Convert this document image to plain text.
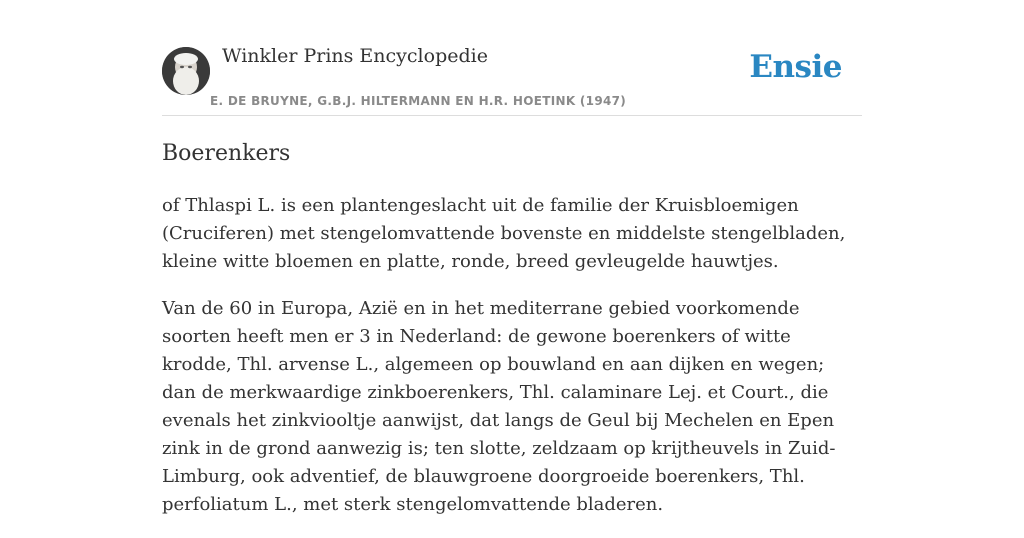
Winkler Prins Encyclopedie
E. DE BRUYNE, G.B.J. HILTERMANN EN H.R. HOETINK (1947)
Ensie
Boerenkers

of Thlaspi L. is een plantengeslacht uit de familie der Kruisbloemigen (Cruciferen) met stengelomvattende bovenste en middelste stengelbladen, kleine witte bloemen en platte, ronde, breed gevleugelde hauwtjes.

Van de 60 in Europa, Azië en in het mediterrane gebied voorkomende soorten heeft men er 3 in Nederland: de gewone boerenkers of witte krodde, Thl. arvense L., algemeen op bouwland en aan dijken en wegen; dan de merkwaardige zinkboerenkers, Thl. calaminare Lej. et Court., die evenals het zinkviooltje aanwijst, dat langs de Geul bij Mechelen en Epen zink in de grond aanwezig is; ten slotte, zeldzaam op krijtheuvels in Zuid-Limburg, ook adventief, de blauwgroene doorgroeide boerenkers, Thl. perfoliatum L., met sterk stengelomvattende bladeren.
